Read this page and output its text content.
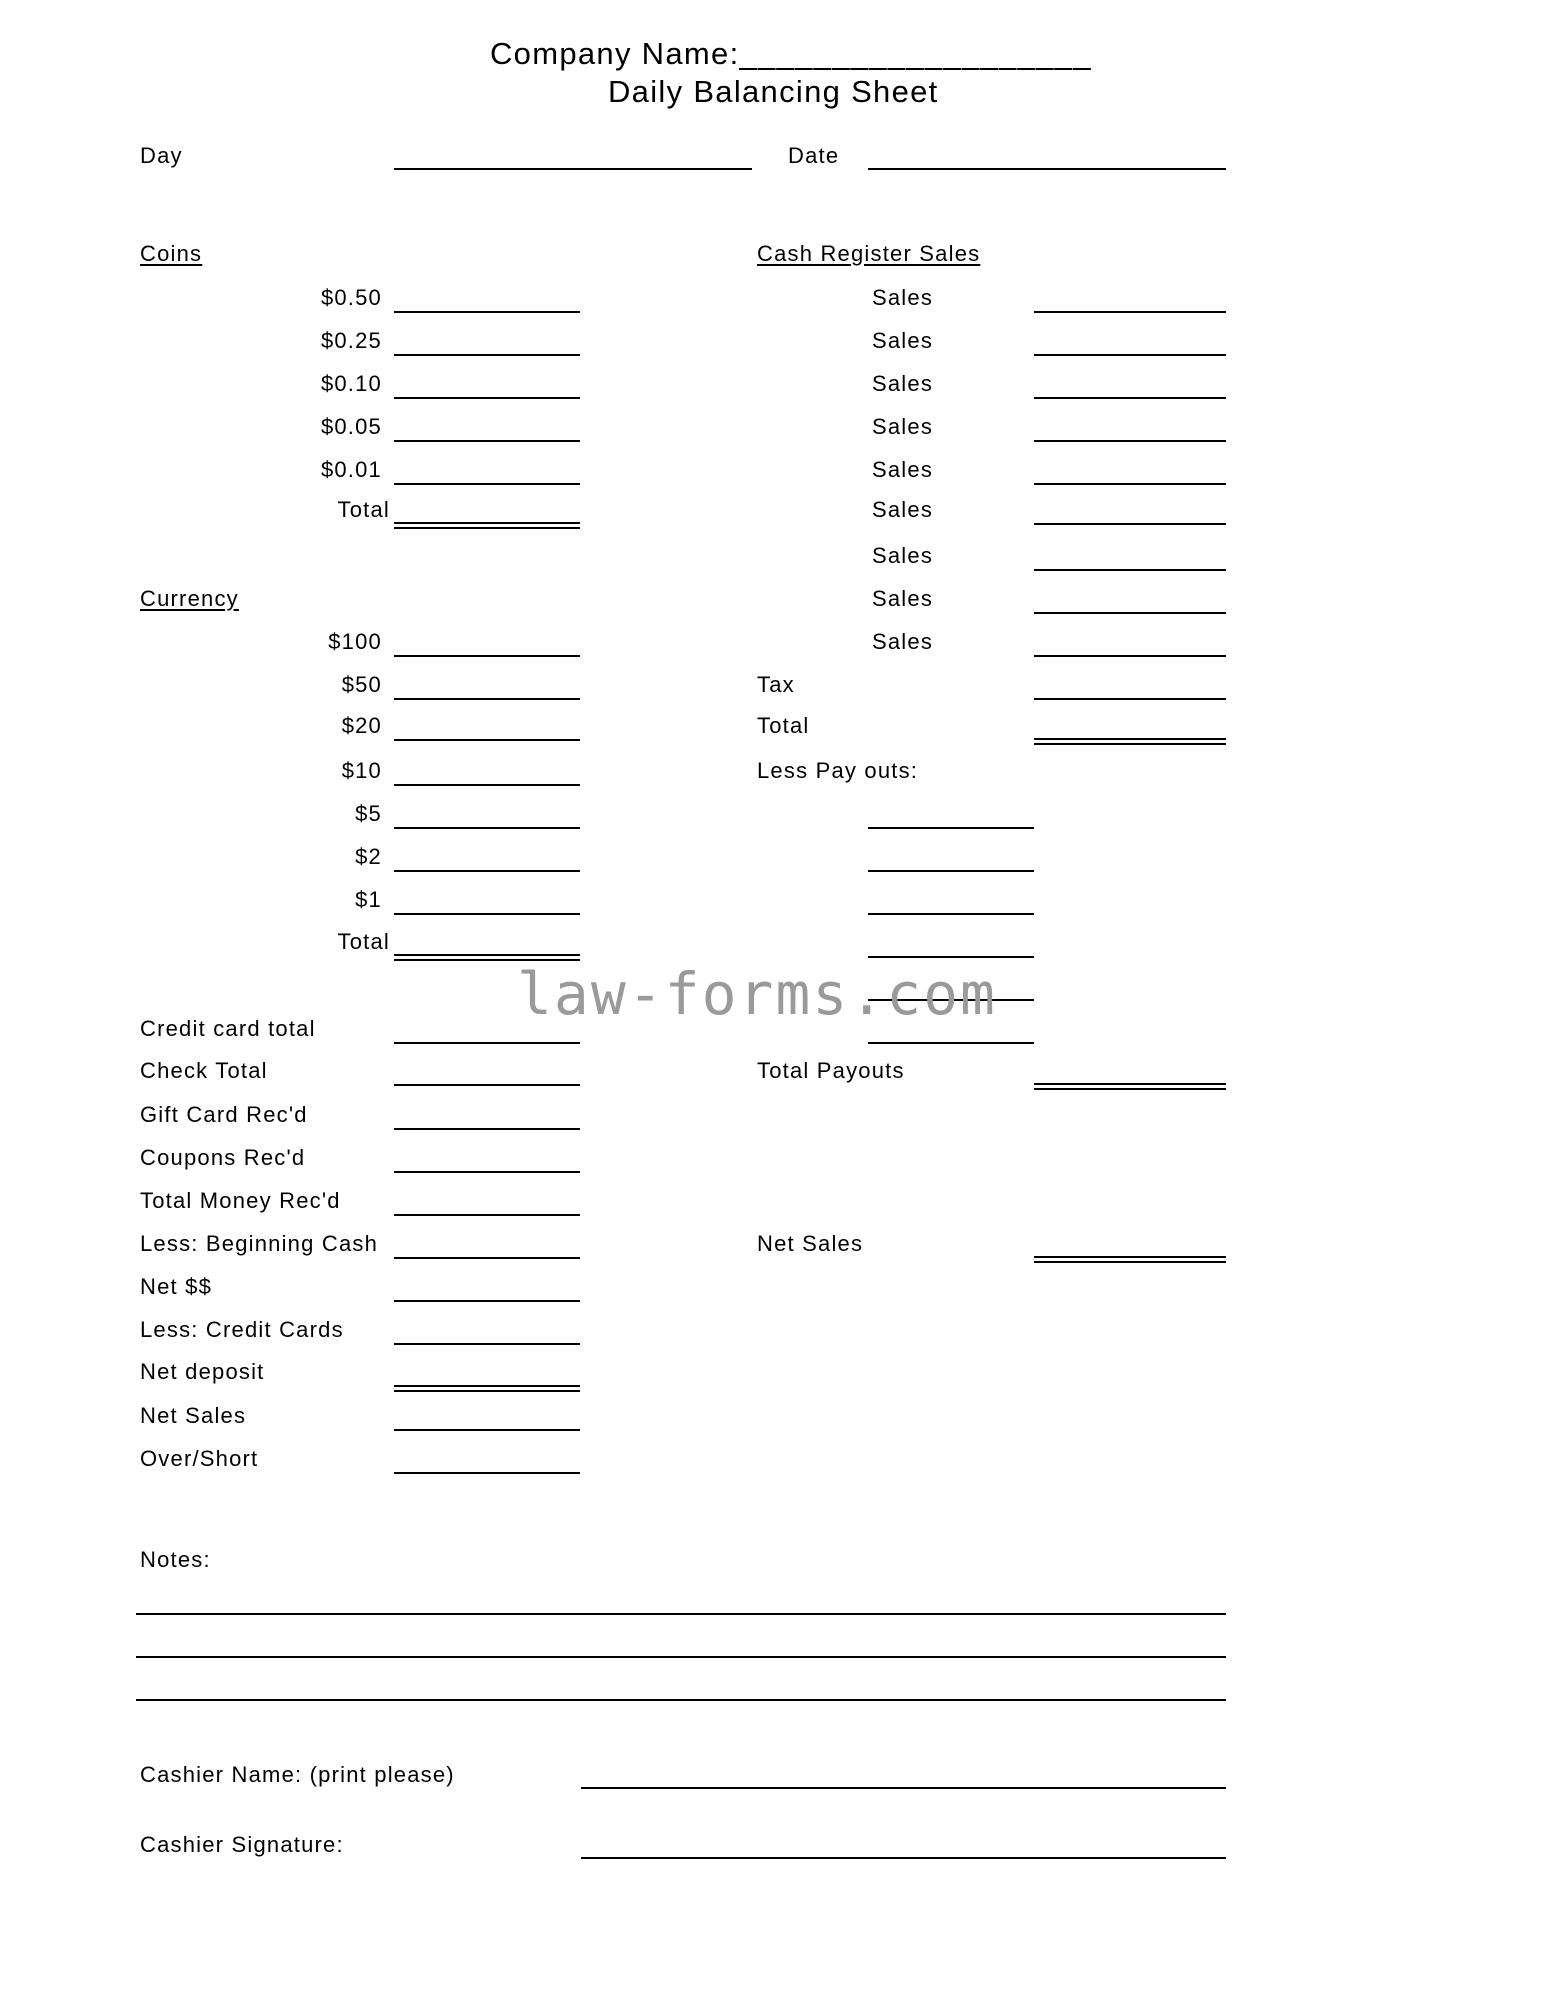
Company Name:___________________
Daily Balancing Sheet
Day	Date
Coins
$0.50
$0.25
$0.10
$0.05
$0.01
Total
Currency
$100
$50
$20
$10
$5
$2
$1
Total
Cash Register Sales
Sales
Sales
Sales
Sales
Sales
Sales
Sales
Sales
Sales
Tax
Total
Less Pay outs:
Total Payouts
Net Sales
Credit card total
Check Total
Gift Card Rec'd
Coupons Rec'd
Total Money Rec'd
Less: Beginning Cash
Net $$
Less: Credit Cards
Net deposit
Net Sales
Over/Short
Notes:
Cashier Name: (print please)
Cashier Signature:
law-forms.com
